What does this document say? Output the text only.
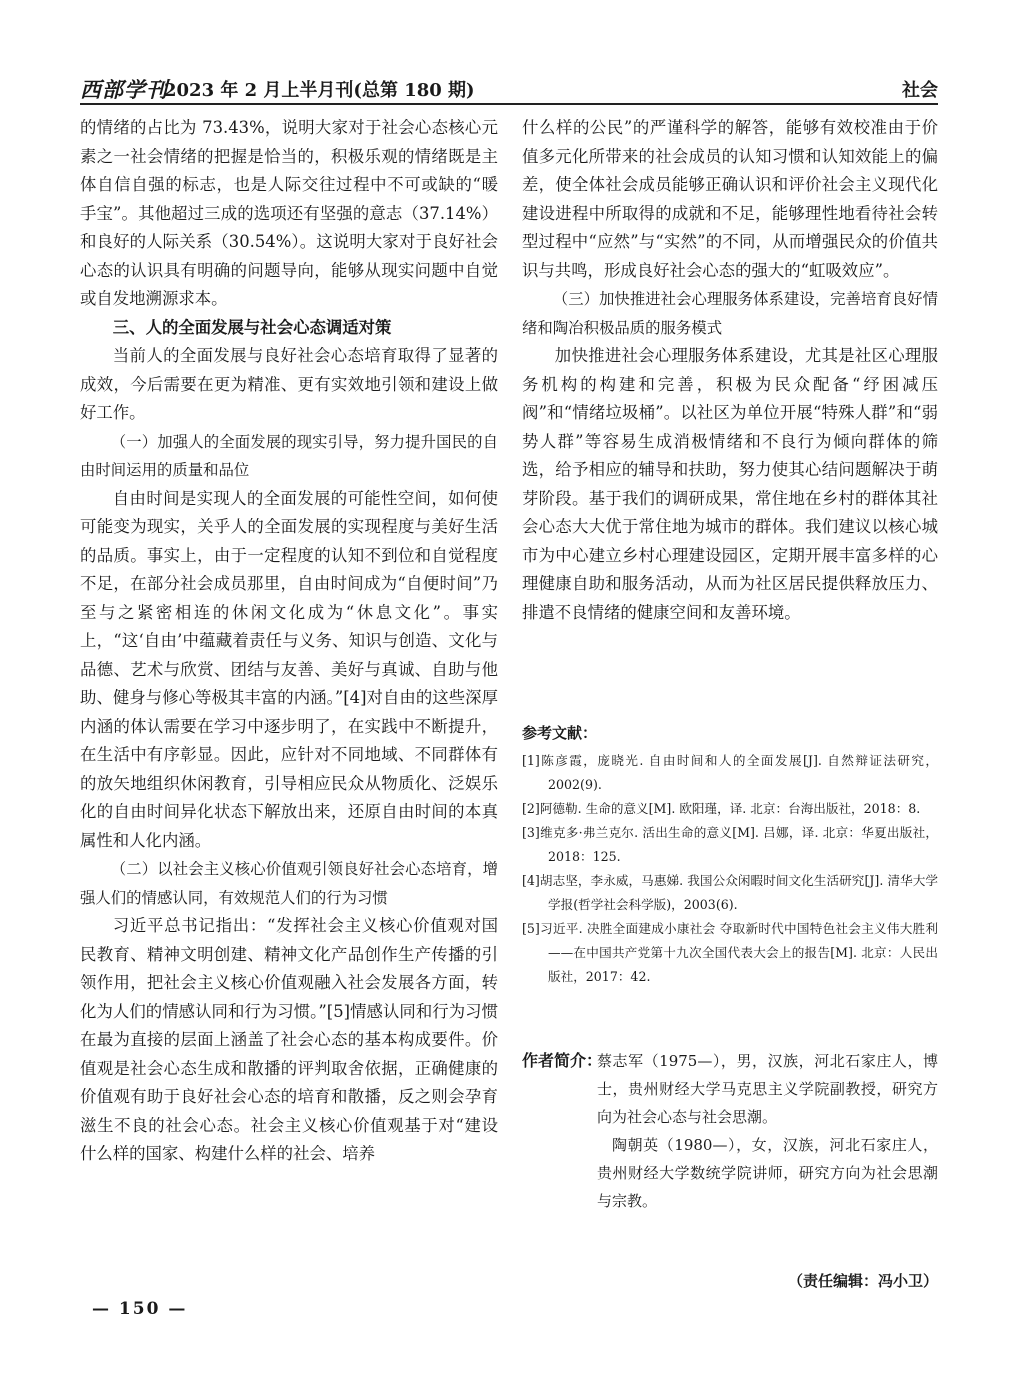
西部学刊
2023 年 2 月上半月刊(总第 180 期)	社会

的情绪的占比为 73.43%，说明大家对于社会心态核心元素之一社会情绪的把握是恰当的，积极乐观的情绪既是主体自信自强的标志，也是人际交往过程中不可或缺的“暖手宝”。其他超过三成的选项还有坚强的意志（37.14%）和良好的人际关系（30.54%）。这说明大家对于良好社会心态的认识具有明确的问题导向，能够从现实问题中自觉或自发地溯源求本。

三、人的全面发展与社会心态调适对策

当前人的全面发展与良好社会心态培育取得了显著的成效，今后需要在更为精准、更有实效地引领和建设上做好工作。

（一）加强人的全面发展的现实引导，努力提升国民的自由时间运用的质量和品位

自由时间是实现人的全面发展的可能性空间，如何使可能变为现实，关乎人的全面发展的实现程度与美好生活的品质。事实上，由于一定程度的认知不到位和自觉程度不足，在部分社会成员那里，自由时间成为“自便时间”乃至与之紧密相连的休闲文化成为“休息文化”。事实上，“这‘自由’中蕴藏着责任与义务、知识与创造、文化与品德、艺术与欣赏、团结与友善、美好与真诚、自助与他助、健身与修心等极其丰富的内涵。”[4]对自由的这些深厚内涵的体认需要在学习中逐步明了，在实践中不断提升，在生活中有序彰显。因此，应针对不同地域、不同群体有的放矢地组织休闲教育，引导相应民众从物质化、泛娱乐化的自由时间异化状态下解放出来，还原自由时间的本真属性和人化内涵。

（二）以社会主义核心价值观引领良好社会心态培育，增强人们的情感认同，有效规范人们的行为习惯

习近平总书记指出：“发挥社会主义核心价值观对国民教育、精神文明创建、精神文化产品创作生产传播的引领作用，把社会主义核心价值观融入社会发展各方面，转化为人们的情感认同和行为习惯。”[5]情感认同和行为习惯在最为直接的层面上涵盖了社会心态的基本构成要件。价值观是社会心态生成和散播的评判取舍依据，正确健康的价值观有助于良好社会心态的培育和散播，反之则会孕育滋生不良的社会心态。社会主义核心价值观基于对“建设什么样的国家、构建什么样的社会、培养

什么样的公民”的严谨科学的解答，能够有效校准由于价值多元化所带来的社会成员的认知习惯和认知效能上的偏差，使全体社会成员能够正确认识和评价社会主义现代化建设进程中所取得的成就和不足，能够理性地看待社会转型过程中“应然”与“实然”的不同，从而增强民众的价值共识与共鸣，形成良好社会心态的强大的“虹吸效应”。

（三）加快推进社会心理服务体系建设，完善培育良好情绪和陶冶积极品质的服务模式

加快推进社会心理服务体系建设，尤其是社区心理服务机构的构建和完善，积极为民众配备“纾困减压阀”和“情绪垃圾桶”。以社区为单位开展“特殊人群”和“弱势人群”等容易生成消极情绪和不良行为倾向群体的筛选，给予相应的辅导和扶助，努力使其心结问题解决于萌芽阶段。基于我们的调研成果，常住地在乡村的群体其社会心态大大优于常住地为城市的群体。我们建议以核心城市为中心建立乡村心理建设园区，定期开展丰富多样的心理健康自助和服务活动，从而为社区居民提供释放压力、排遣不良情绪的健康空间和友善环境。

参考文献：

[1]陈彦霞，庞晓光. 自由时间和人的全面发展[J]. 自然辩证法研究，2002(9).

[2]阿德勒. 生命的意义[M]. 欧阳瑾，译. 北京：台海出版社，2018：8.

[3]维克多·弗兰克尔. 活出生命的意义[M]. 吕娜，译. 北京：华夏出版社，2018：125.

[4]胡志坚，李永威，马惠娣. 我国公众闲暇时间文化生活研究[J]. 清华大学学报(哲学社会科学版)，2003(6).

[5]习近平. 决胜全面建成小康社会 夺取新时代中国特色社会主义伟大胜利——在中国共产党第十九次全国代表大会上的报告[M]. 北京：人民出版社，2017：42.

作者简介：

蔡志军（1975—），男，汉族，河北石家庄人，博士，贵州财经大学马克思主义学院副教授，研究方向为社会心态与社会思潮。

陶朝英（1980—），女，汉族，河北石家庄人，贵州财经大学数统学院讲师，研究方向为社会思潮与宗教。

（责任编辑：冯小卫）
— 150 —
